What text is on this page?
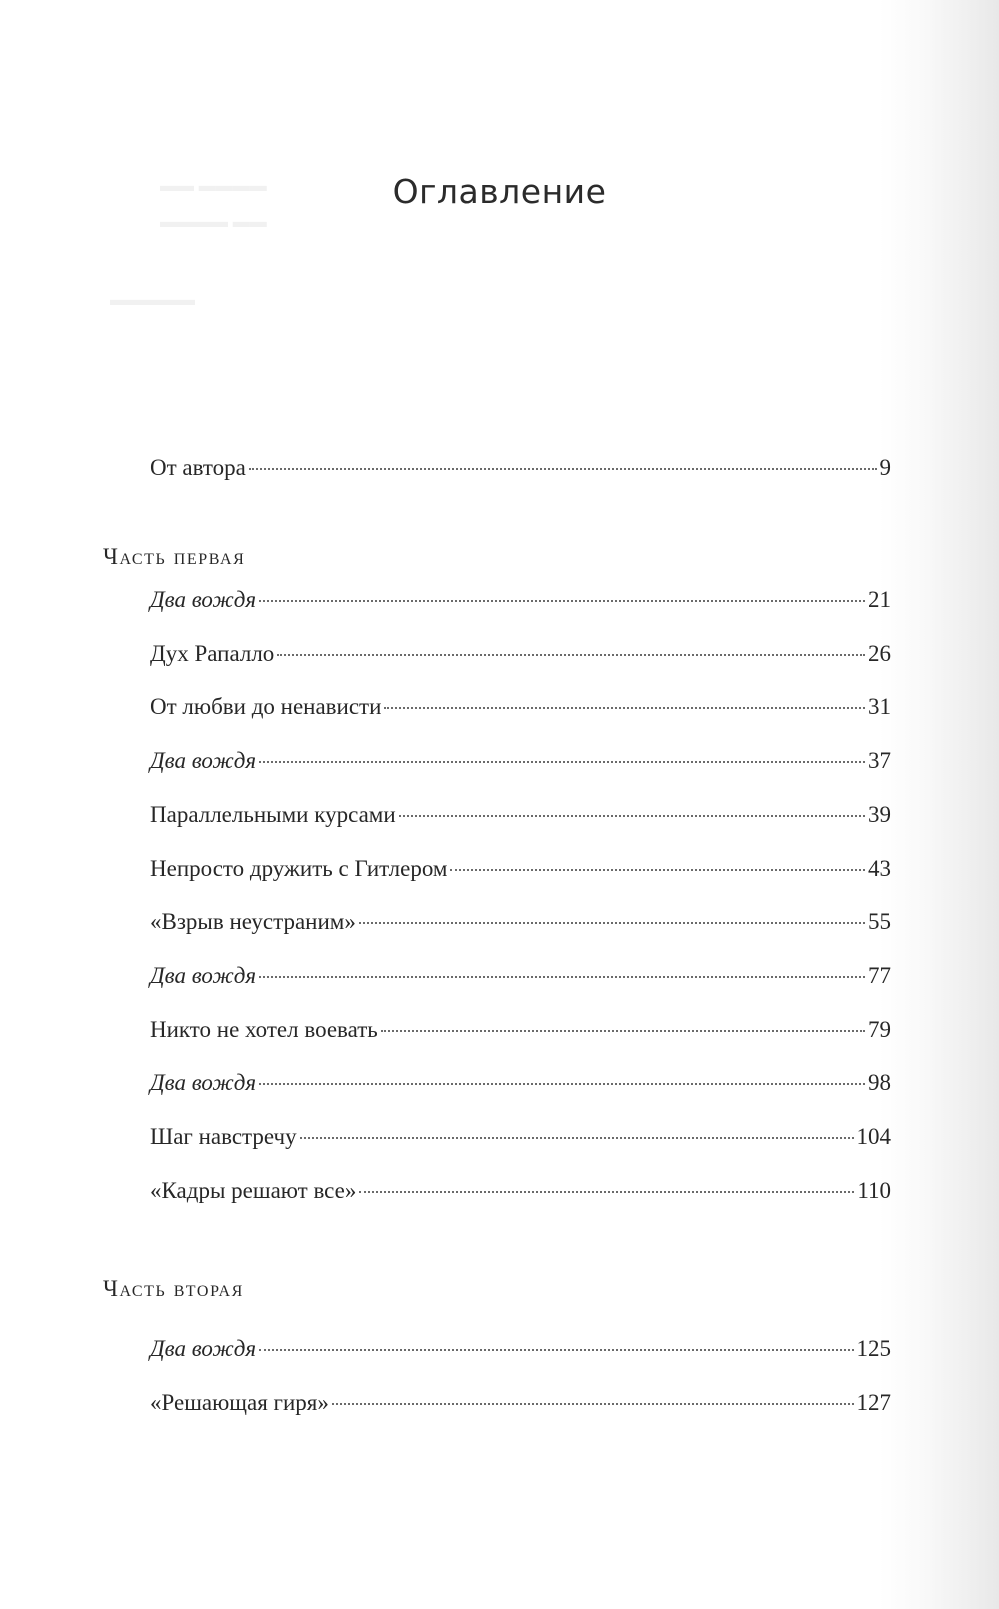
▬▬ ▬▬▬▬
▬▬▬▬ ▬▬
▬▬▬▬▬
Оглавление
От автора	9
Часть первая
Два вождя	21
Дух Рапалло	26
От любви до ненависти	31
Два вождя	37
Параллельными курсами	39
Непросто дружить с Гитлером	43
«Взрыв неустраним»	55
Два вождя	77
Никто не хотел воевать	79
Два вождя	98
Шаг навстречу	104
«Кадры решают все»	110
Часть вторая
Два вождя	125
«Решающая гиря»	127
